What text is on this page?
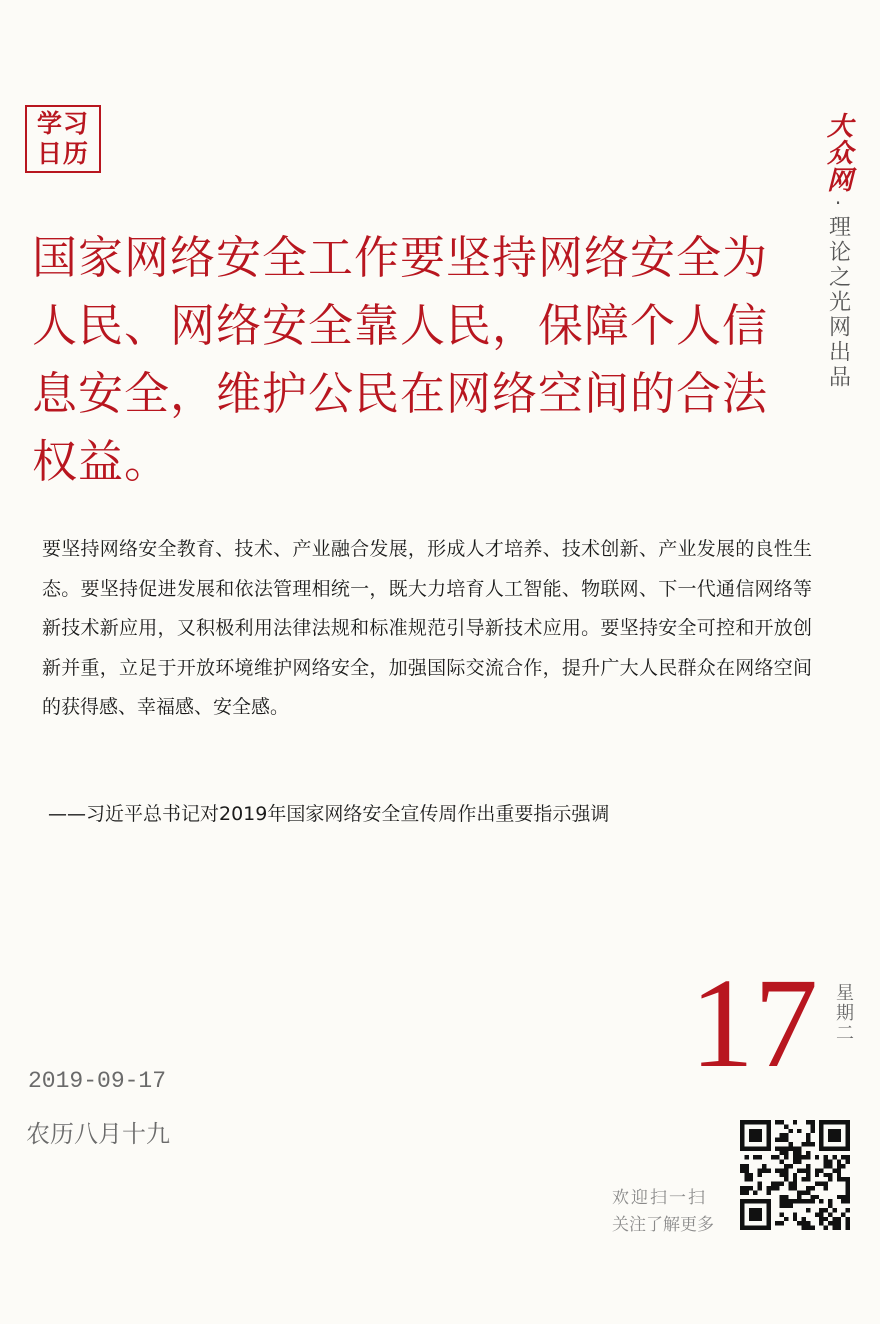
学习
日历	大众网
·
理论之光网出品

国家网络安全工作要坚持网络安全为人民、网络安全靠人民，保障个人信息安全，维护公民在网络空间的合法权益。

要坚持网络安全教育、技术、产业融合发展，形成人才培养、技术创新、产业发展的良性生态。要坚持促进发展和依法管理相统一，既大力培育人工智能、物联网、下一代通信网络等新技术新应用，又积极利用法律法规和标准规范引导新技术应用。要坚持安全可控和开放创新并重，立足于开放环境维护网络安全，加强国际交流合作，提升广大人民群众在网络空间的获得感、幸福感、安全感。

——习近平总书记对2019年国家网络安全宣传周作出重要指示强调
17 星期二
2019-09-17
农历八月十九
欢迎扫一扫
关注了解更多
